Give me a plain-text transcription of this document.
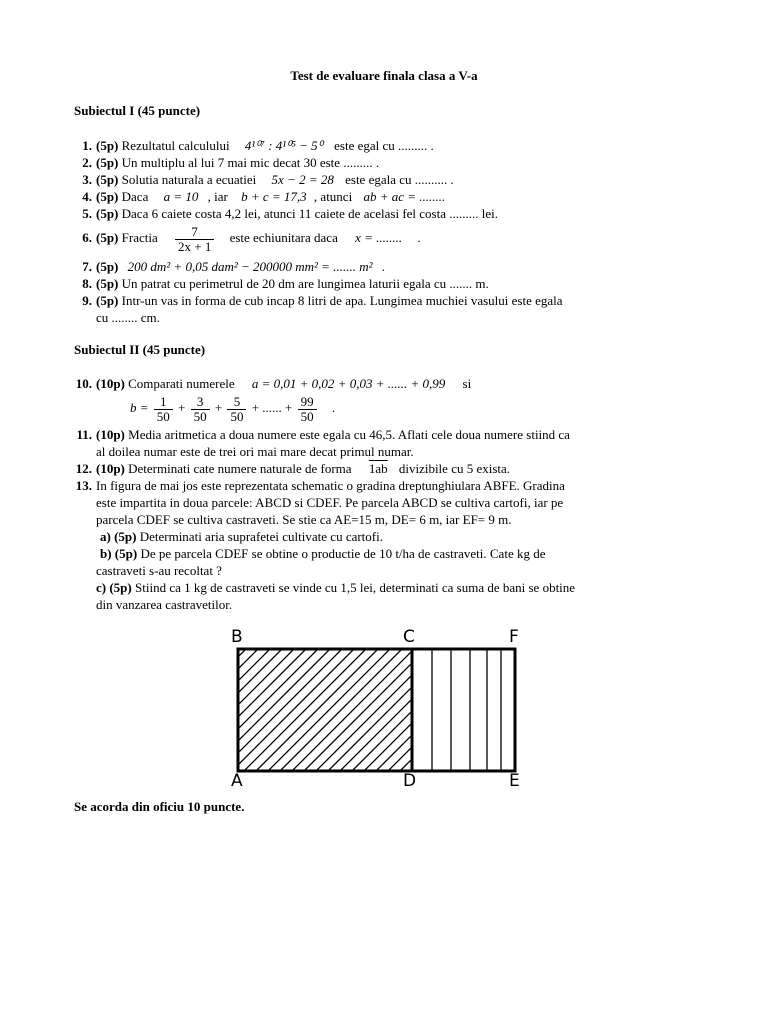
Test de evaluare finala clasa a V-a
Subiectul I (45 puncte)
1. (5p) Rezultatul calculului 4¹⁰⁷ : 4¹⁰⁵ − 5⁰ este egal cu ......... .
2. (5p) Un multiplu al lui 7 mai mic decat 30 este ......... .
3. (5p) Solutia naturala a ecuatiei 5x − 2 = 28 este egala cu .......... .
4. (5p) Daca a = 10 , iar b + c = 17,3 , atunci ab + ac = ........
5. (5p) Daca 6 caiete costa 4,2 lei, atunci 11 caiete de acelasi fel costa ......... lei.
6. (5p) Fractia $\frac{7}{2x + 1}$ este echiunitara daca x = ........ .
7. (5p) 200 dm² + 0,05 dam² − 200000 mm² = ....... m² .
8. (5p) Un patrat cu perimetrul de 20 dm are lungimea laturii egala cu ....... m.
9. (5p) Intr-un vas in forma de cub incap 8 litri de apa. Lungimea muchiei vasului este egala
cu ........ cm.
Subiectul II (45 puncte)
10. (10p) Comparati numerele a = 0,01 + 0,02 + 0,03 + ...... + 0,99 si
$b = \frac{1}{50} + \frac{3}{50} + \frac{5}{50}$ + ...... + $\frac{99}{50}$ .
11. (10p) Media aritmetica a doua numere este egala cu 46,5. Aflati cele doua numere stiind ca
al doilea numar este de trei ori mai mare decat primul numar.
12. (10p) Determinati cate numere naturale de forma 1ab divizibile cu 5 exista.
13. In figura de mai jos este reprezentata schematic o gradina dreptunghiulara ABFE. Gradina
este impartita in doua parcele: ABCD si CDEF. Pe parcela ABCD se cultiva cartofi, iar pe
parcela CDEF se cultiva castraveti. Se stie ca AE=15 m, DE= 6 m, iar EF= 9 m.
a) (5p) Determinati aria suprafetei cultivate cu cartofi.
b) (5p) De pe parcela CDEF se obtine o productie de 10 t/ha de castraveti. Cate kg de
castraveti s-au recoltat ?
c) (5p) Stiind ca 1 kg de castraveti se vinde cu 1,5 lei, determinati ca suma de bani se obtine
din vanzarea castravetilor.
B	C	F
A	D	E
Se acorda din oficiu 10 puncte.
